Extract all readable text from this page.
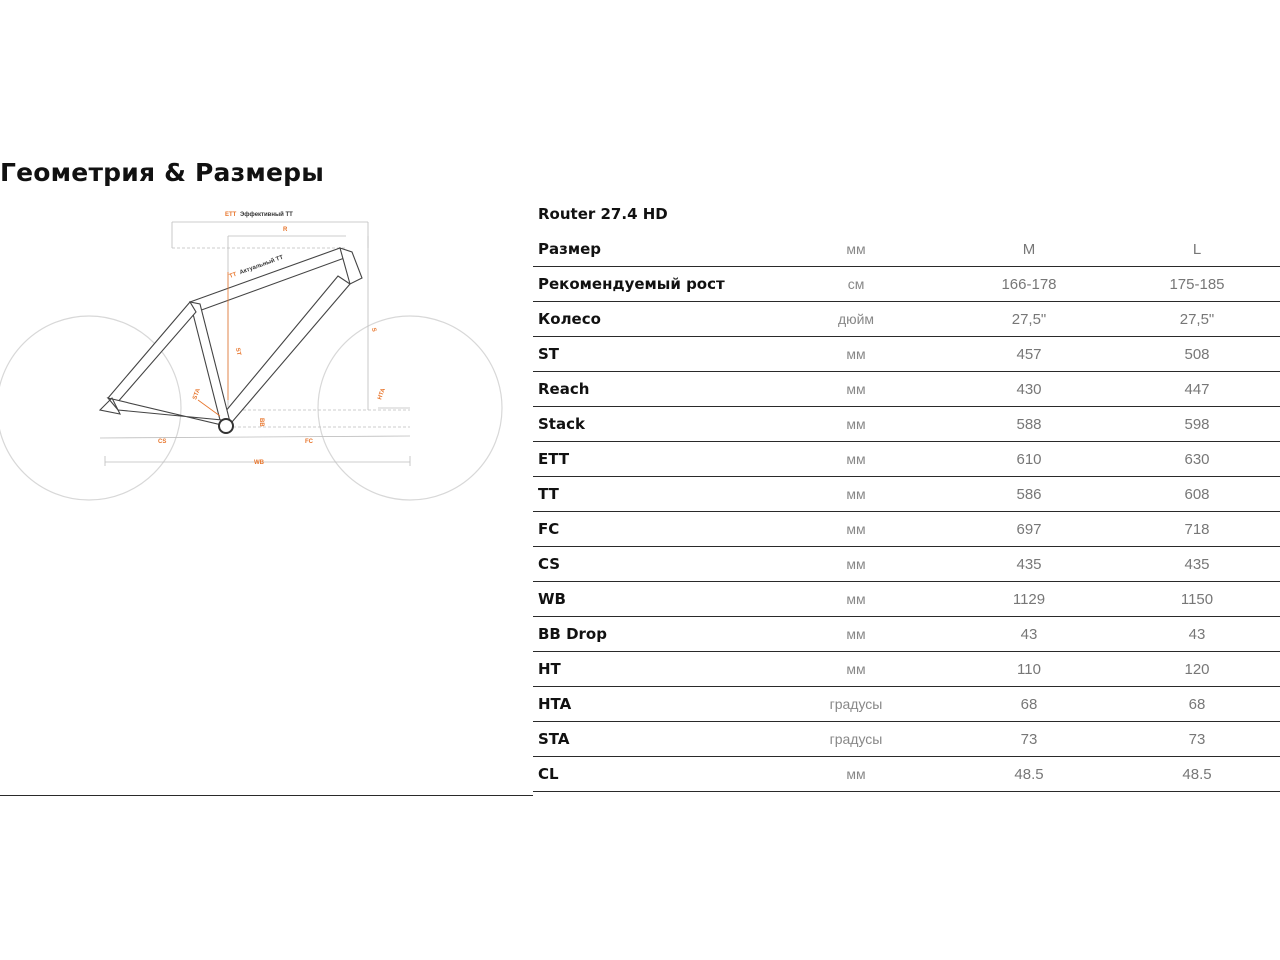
Геометрия & Размеры
ETT Эффективный TT
R
TT Актуальный TT
ST
STA
S
HTA
BB
CS	FC
WB
Router 27.4 HD
Размер	мм	M	L
Рекомендуемый рост	см	166-178	175-185
Колесо	дюйм	27,5"	27,5"
ST	мм	457	508
Reach	мм	430	447
Stack	мм	588	598
ETT	мм	610	630
TT	мм	586	608
FC	мм	697	718
CS	мм	435	435
WB	мм	1129	1150
BB Drop	мм	43	43
HT	мм	110	120
HTA	градусы	68	68
STA	градусы	73	73
CL	мм	48.5	48.5
